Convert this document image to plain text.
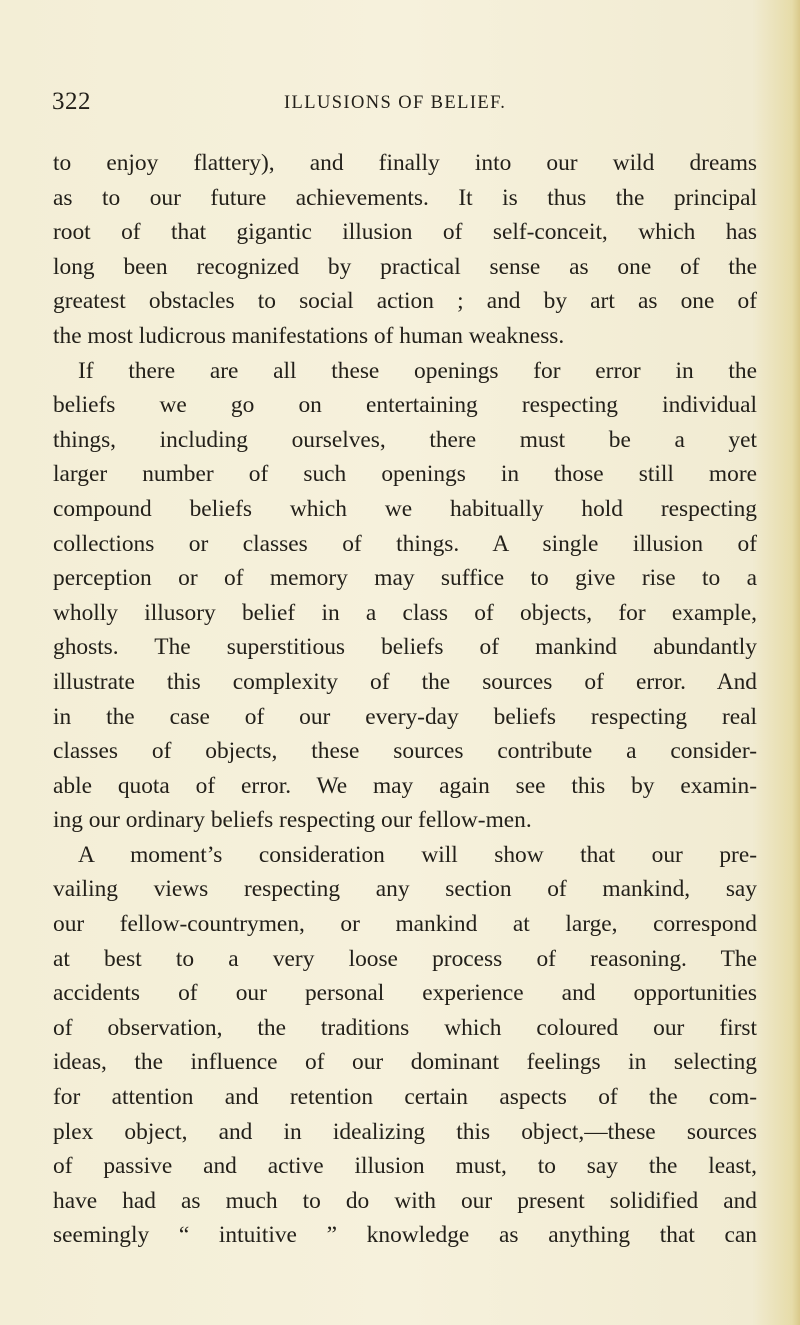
322	ILLUSIONS OF BELIEF.
to enjoy flattery), and finally into our wild dreams
as to our future achievements. It is thus the principal
root of that gigantic illusion of self-conceit, which has
long been recognized by practical sense as one of the
greatest obstacles to social action ; and by art as one of
the most ludicrous manifestations of human weakness.
If there are all these openings for error in the
beliefs we go on entertaining respecting individual
things, including ourselves, there must be a yet
larger number of such openings in those still more
compound beliefs which we habitually hold respecting
collections or classes of things. A single illusion of
perception or of memory may suffice to give rise to a
wholly illusory belief in a class of objects, for example,
ghosts. The superstitious beliefs of mankind abundantly
illustrate this complexity of the sources of error. And
in the case of our every-day beliefs respecting real
classes of objects, these sources contribute a consider-
able quota of error. We may again see this by examin-
ing our ordinary beliefs respecting our fellow-men.
A moment’s consideration will show that our pre-
vailing views respecting any section of mankind, say
our fellow-countrymen, or mankind at large, correspond
at best to a very loose process of reasoning. The
accidents of our personal experience and opportunities
of observation, the traditions which coloured our first
ideas, the influence of our dominant feelings in selecting
for attention and retention certain aspects of the com-
plex object, and in idealizing this object,—these sources
of passive and active illusion must, to say the least,
have had as much to do with our present solidified and
seemingly “ intuitive ” knowledge as anything that can
